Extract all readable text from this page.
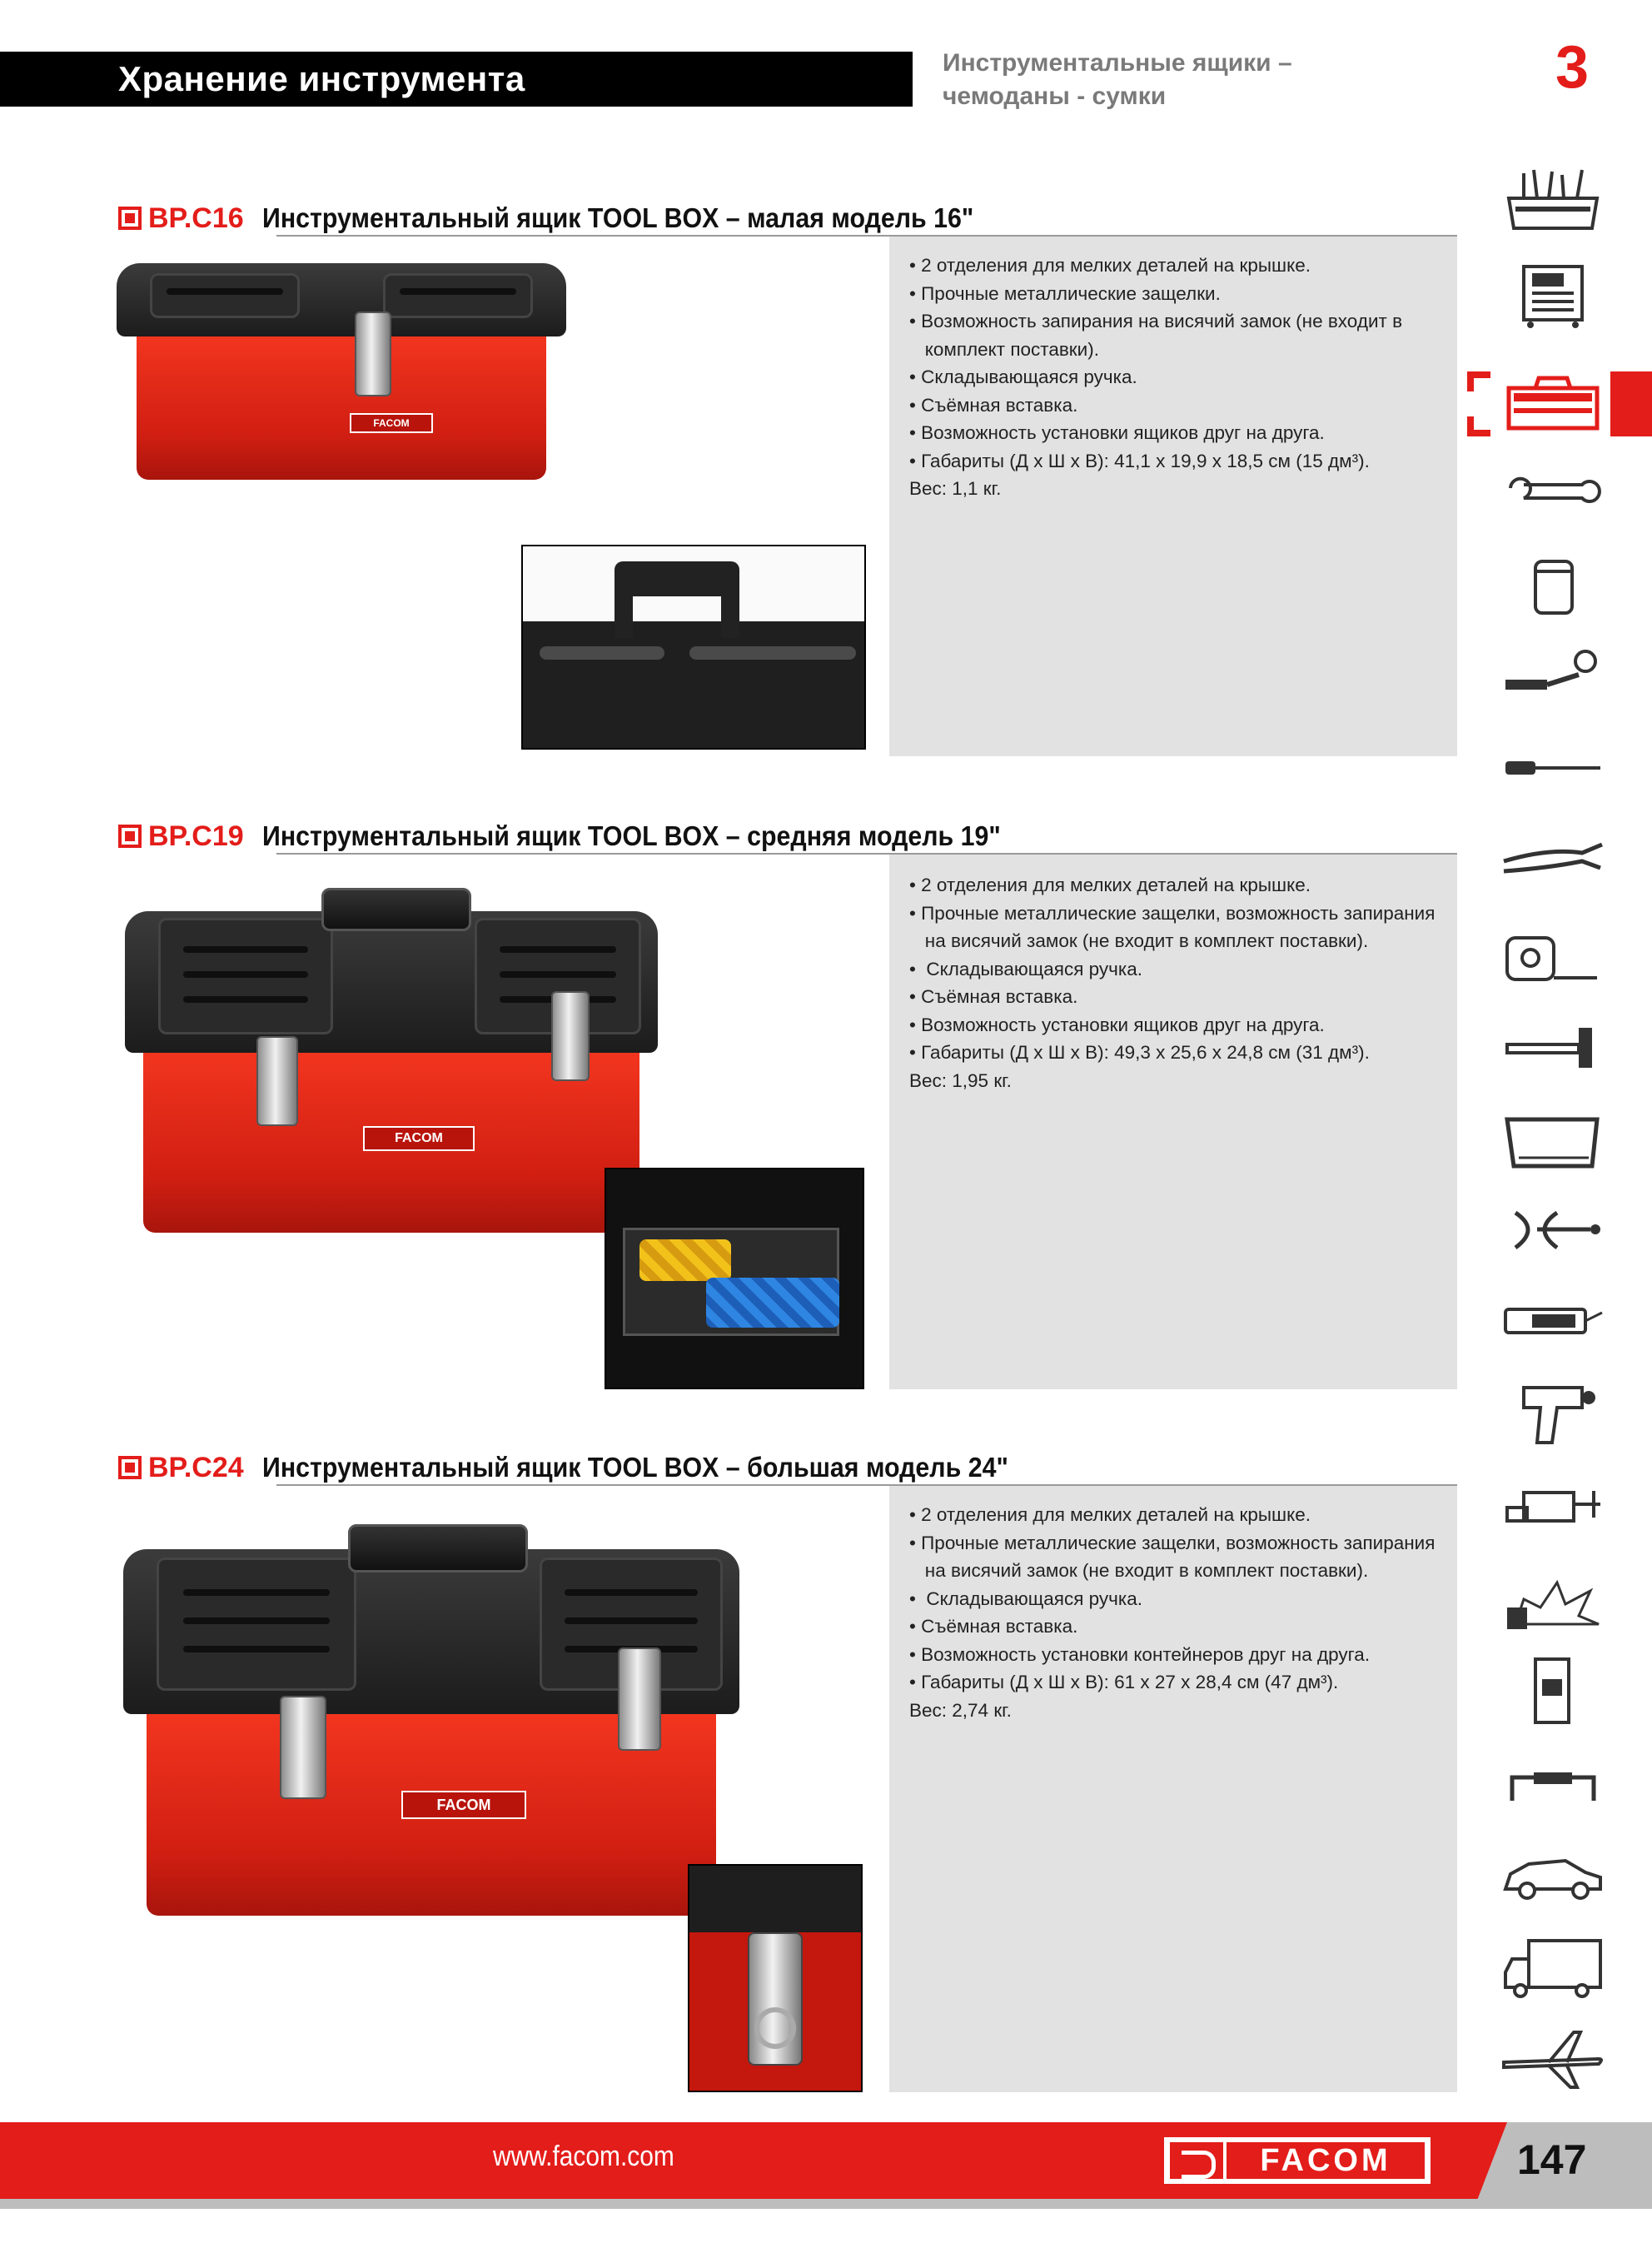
Хранение инструмента	Инструментальные ящики –
чемоданы - сумки	3
BP.C16 Инструментальный ящик TOOL BOX – малая модель 16"
• 2 отделения для мелких деталей на крышке.
• Прочные металлические защелки.
• Возможность запирания на висячий замок (не входит в
комплект поставки).
• Складывающаяся ручка.
• Съёмная вставка.
• Возможность установки ящиков друг на друга.
• Габариты (Д х Ш х В): 41,1 х 19,9 х 18,5 см (15 дм³).
Вес: 1,1 кг.
FACOM
BP.C19 Инструментальный ящик TOOL BOX – средняя модель 19"
• 2 отделения для мелких деталей на крышке.
• Прочные металлические защелки, возможность запирания
на висячий замок (не входит в комплект поставки).
•  Складывающаяся ручка.
• Съёмная вставка.
• Возможность установки ящиков друг на друга.
• Габариты (Д х Ш х В): 49,3 х 25,6 х 24,8 см (31 дм³).
Вес: 1,95 кг.
FACOM
BP.C24 Инструментальный ящик TOOL BOX – большая модель 24"
• 2 отделения для мелких деталей на крышке.
• Прочные металлические защелки, возможность запирания
на висячий замок (не входит в комплект поставки).
•  Складывающаяся ручка.
• Съёмная вставка.
• Возможность установки контейнеров друг на друга.
• Габариты (Д х Ш х В): 61 х 27 х 28,4 см (47 дм³).
Вес: 2,74 кг.
FACOM
www.facom.com	FACOM	147
